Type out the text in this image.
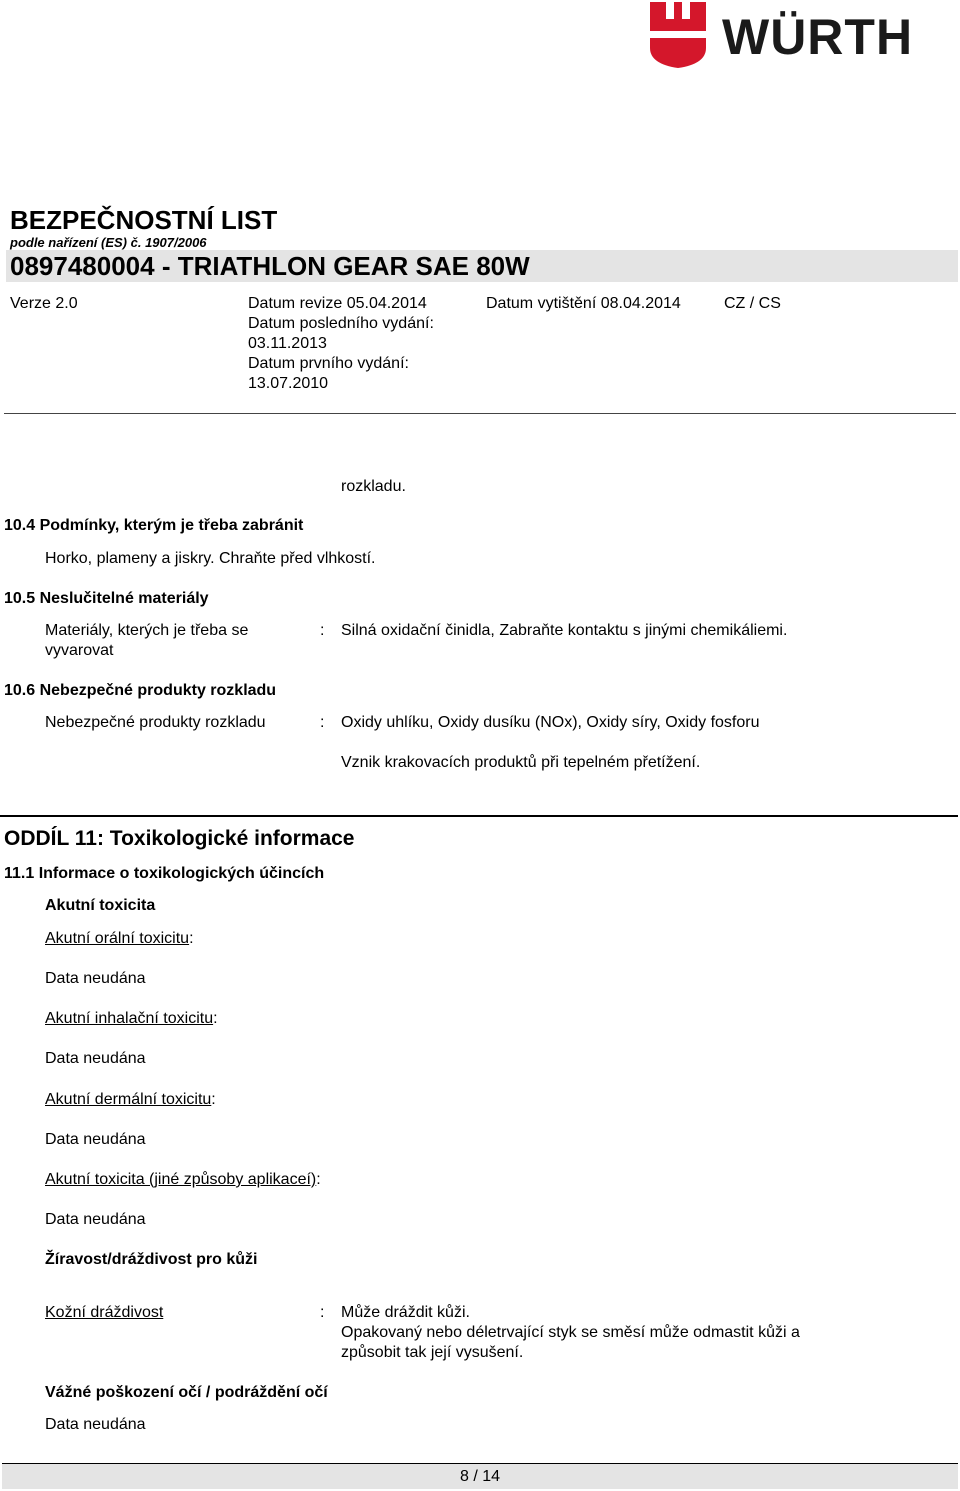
WÜRTH
BEZPEČNOSTNÍ LIST
podle nařízení (ES) č. 1907/2006
0897480004 - TRIATHLON GEAR SAE 80W
Verze 2.0	Datum revize 05.04.2014
Datum posledního vydání:
03.11.2013
Datum prvního vydání:
13.07.2010
Datum vytištění 08.04.2014	CZ / CS
rozkladu.
10.4 Podmínky, kterým je třeba zabránit
Horko, plameny a jiskry. Chraňte před vlhkostí.
10.5 Neslučitelné materiály
Materiály, kterých je třeba se
vyvarovat
: Silná oxidační činidla, Zabraňte kontaktu s jinými chemikáliemi.
10.6 Nebezpečné produkty rozkladu
Nebezpečné produkty rozkladu	: Oxidy uhlíku, Oxidy dusíku (NOx), Oxidy síry, Oxidy fosforu
Vznik krakovacích produktů při tepelném přetížení.
ODDÍL 11: Toxikologické informace
11.1 Informace o toxikologických účincích
Akutní toxicita
Akutní orální toxicitu:
Data neudána
Akutní inhalační toxicitu:
Data neudána
Akutní dermální toxicitu:
Data neudána
Akutní toxicita (jiné způsoby aplikaceí):
Data neudána
Žíravost/dráždivost pro kůži
Kožní dráždivost	: Může dráždit kůži.
Opakovaný nebo déletrvající styk se směsí může odmastit kůži a
způsobit tak její vysušení.
Vážné poškození očí / podráždění očí
Data neudána
8 / 14
